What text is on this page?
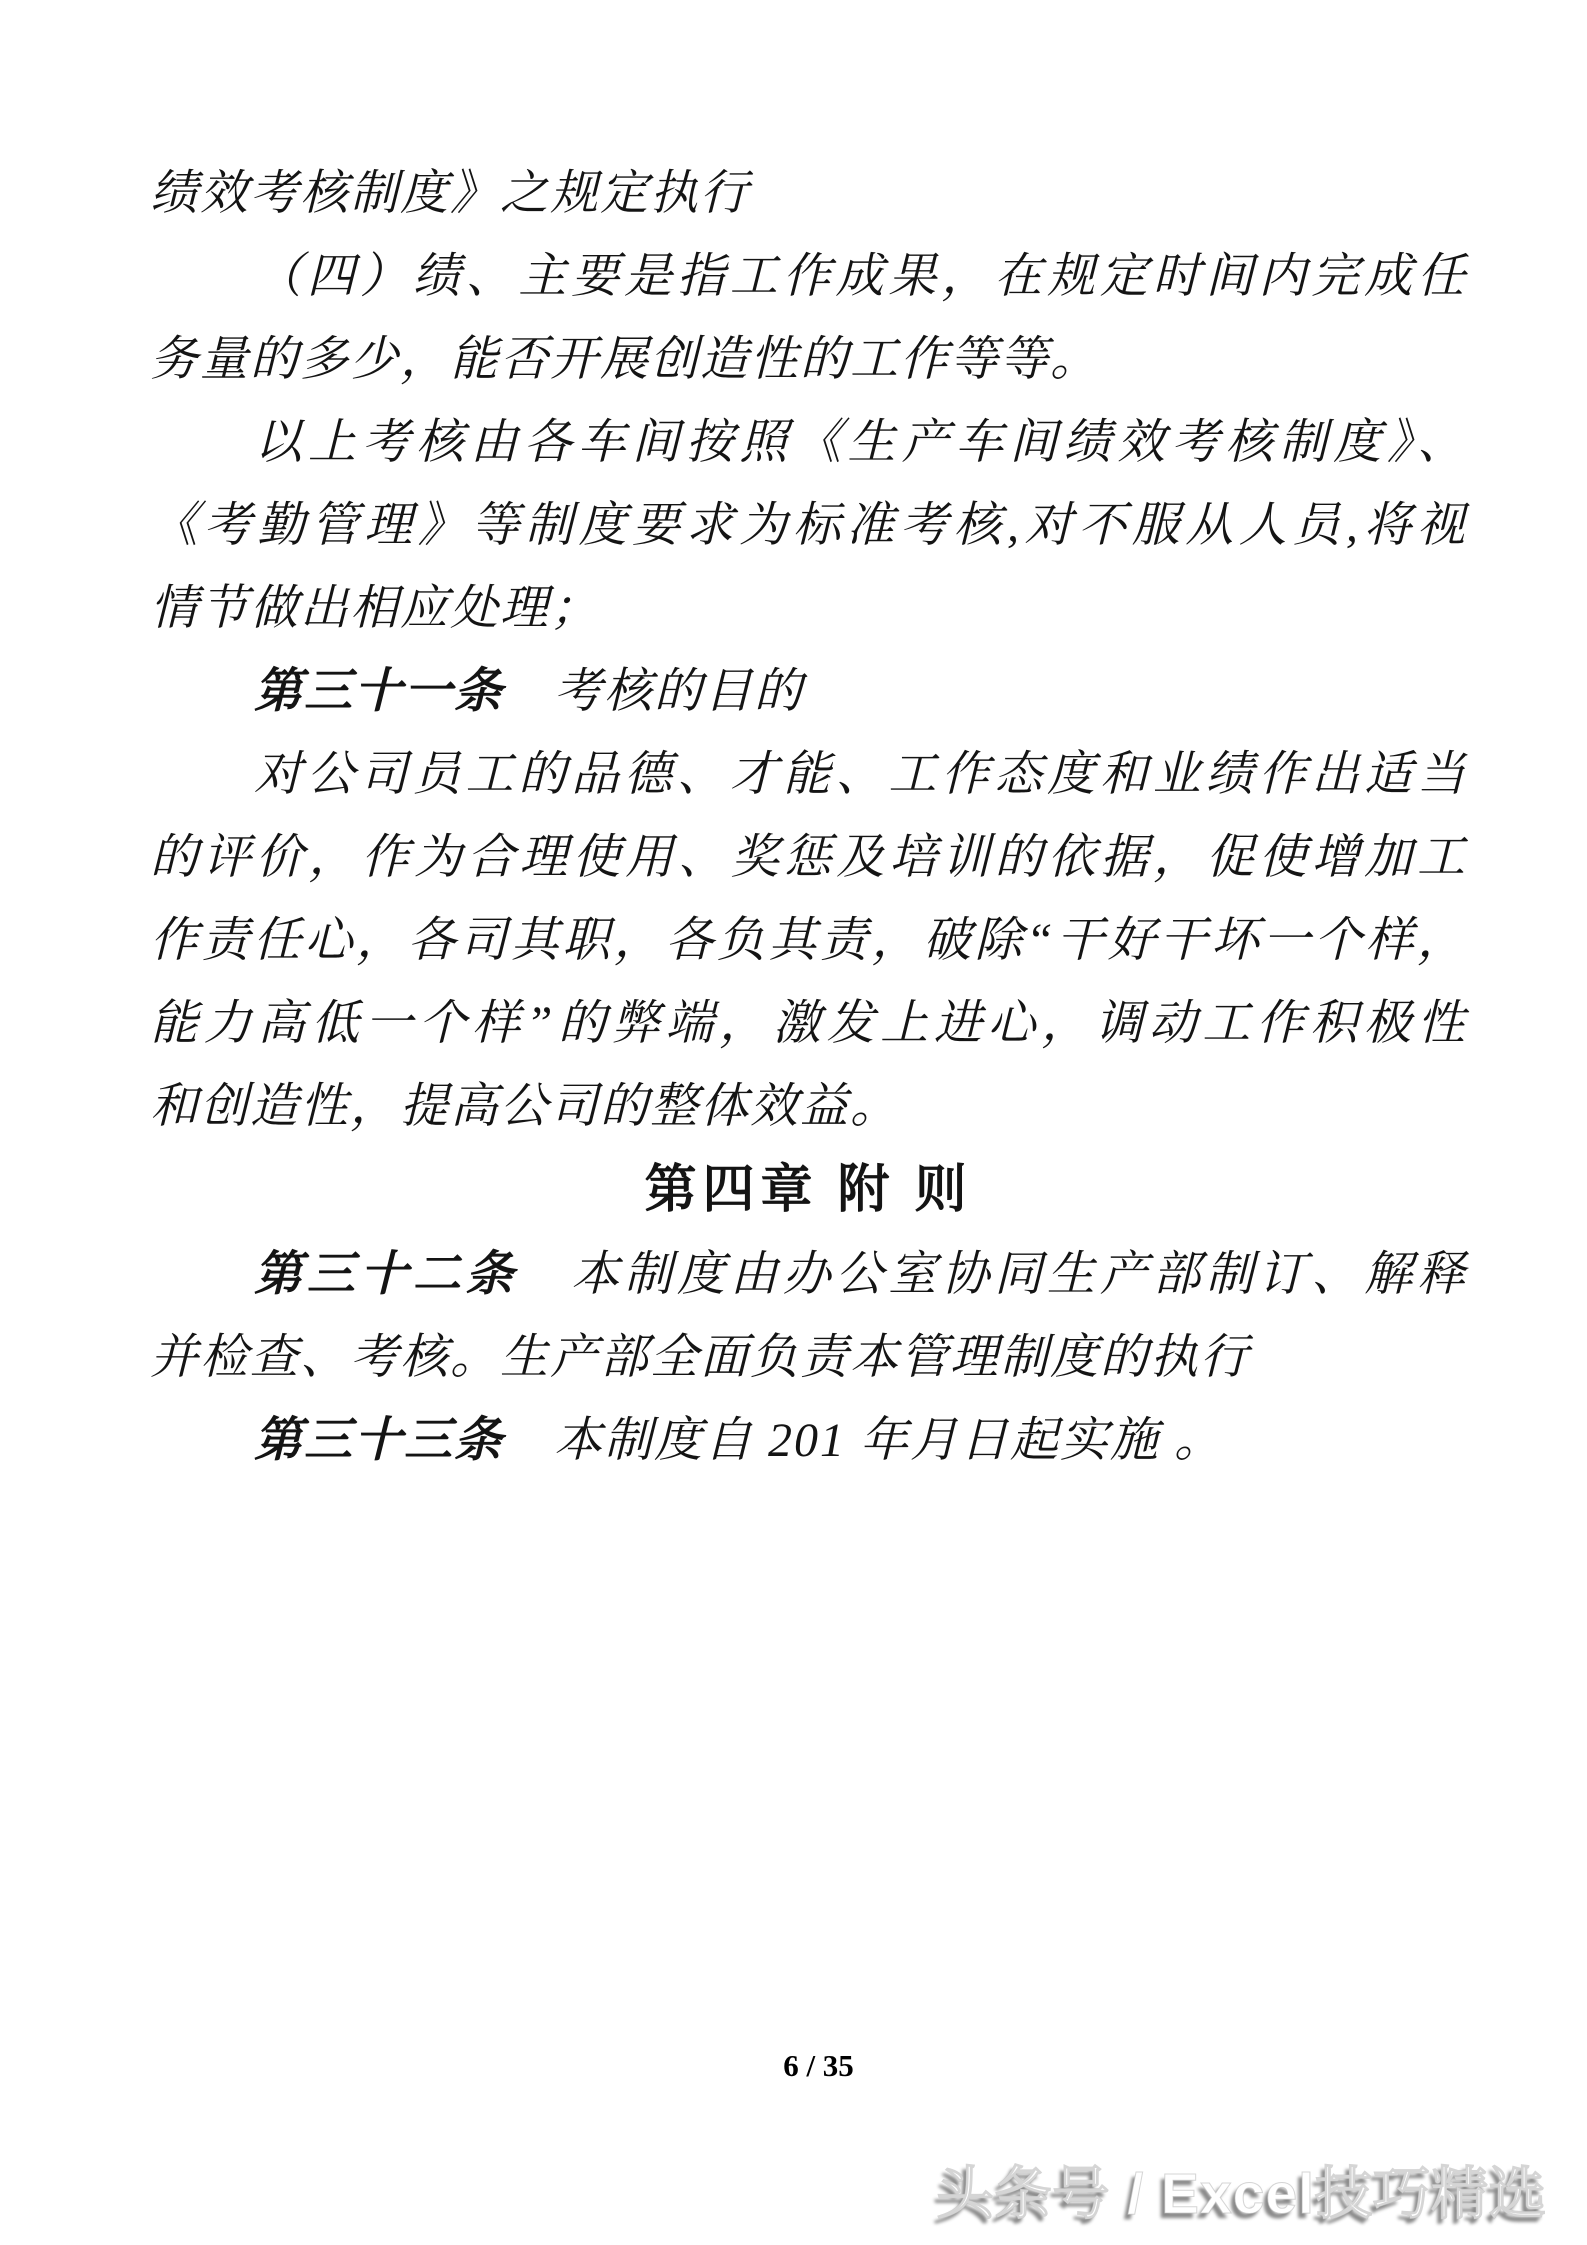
绩效考核制度》之规定执行
（四）绩、主要是指工作成果，在规定时间内完成任
务量的多少，能否开展创造性的工作等等。
以上考核由各车间按照《生产车间绩效考核制度》、
《考勤管理》等制度要求为标准考核,对不服从人员,将视
情节做出相应处理；
第三十一条　考核的目的
对公司员工的品德、才能、工作态度和业绩作出适当
的评价，作为合理使用、奖惩及培训的依据，促使增加工
作责任心，各司其职，各负其责，破除“干好干坏一个样，
能力高低一个样”的弊端，激发上进心，调动工作积极性
和创造性，提高公司的整体效益。
第四章 附 则
第三十二条　本制度由办公室协同生产部制订、解释
并检查、考核。生产部全面负责本管理制度的执行
第三十三条　本制度自 201 年月日起实施 。
6 / 35
头条号 / Excel技巧精选
